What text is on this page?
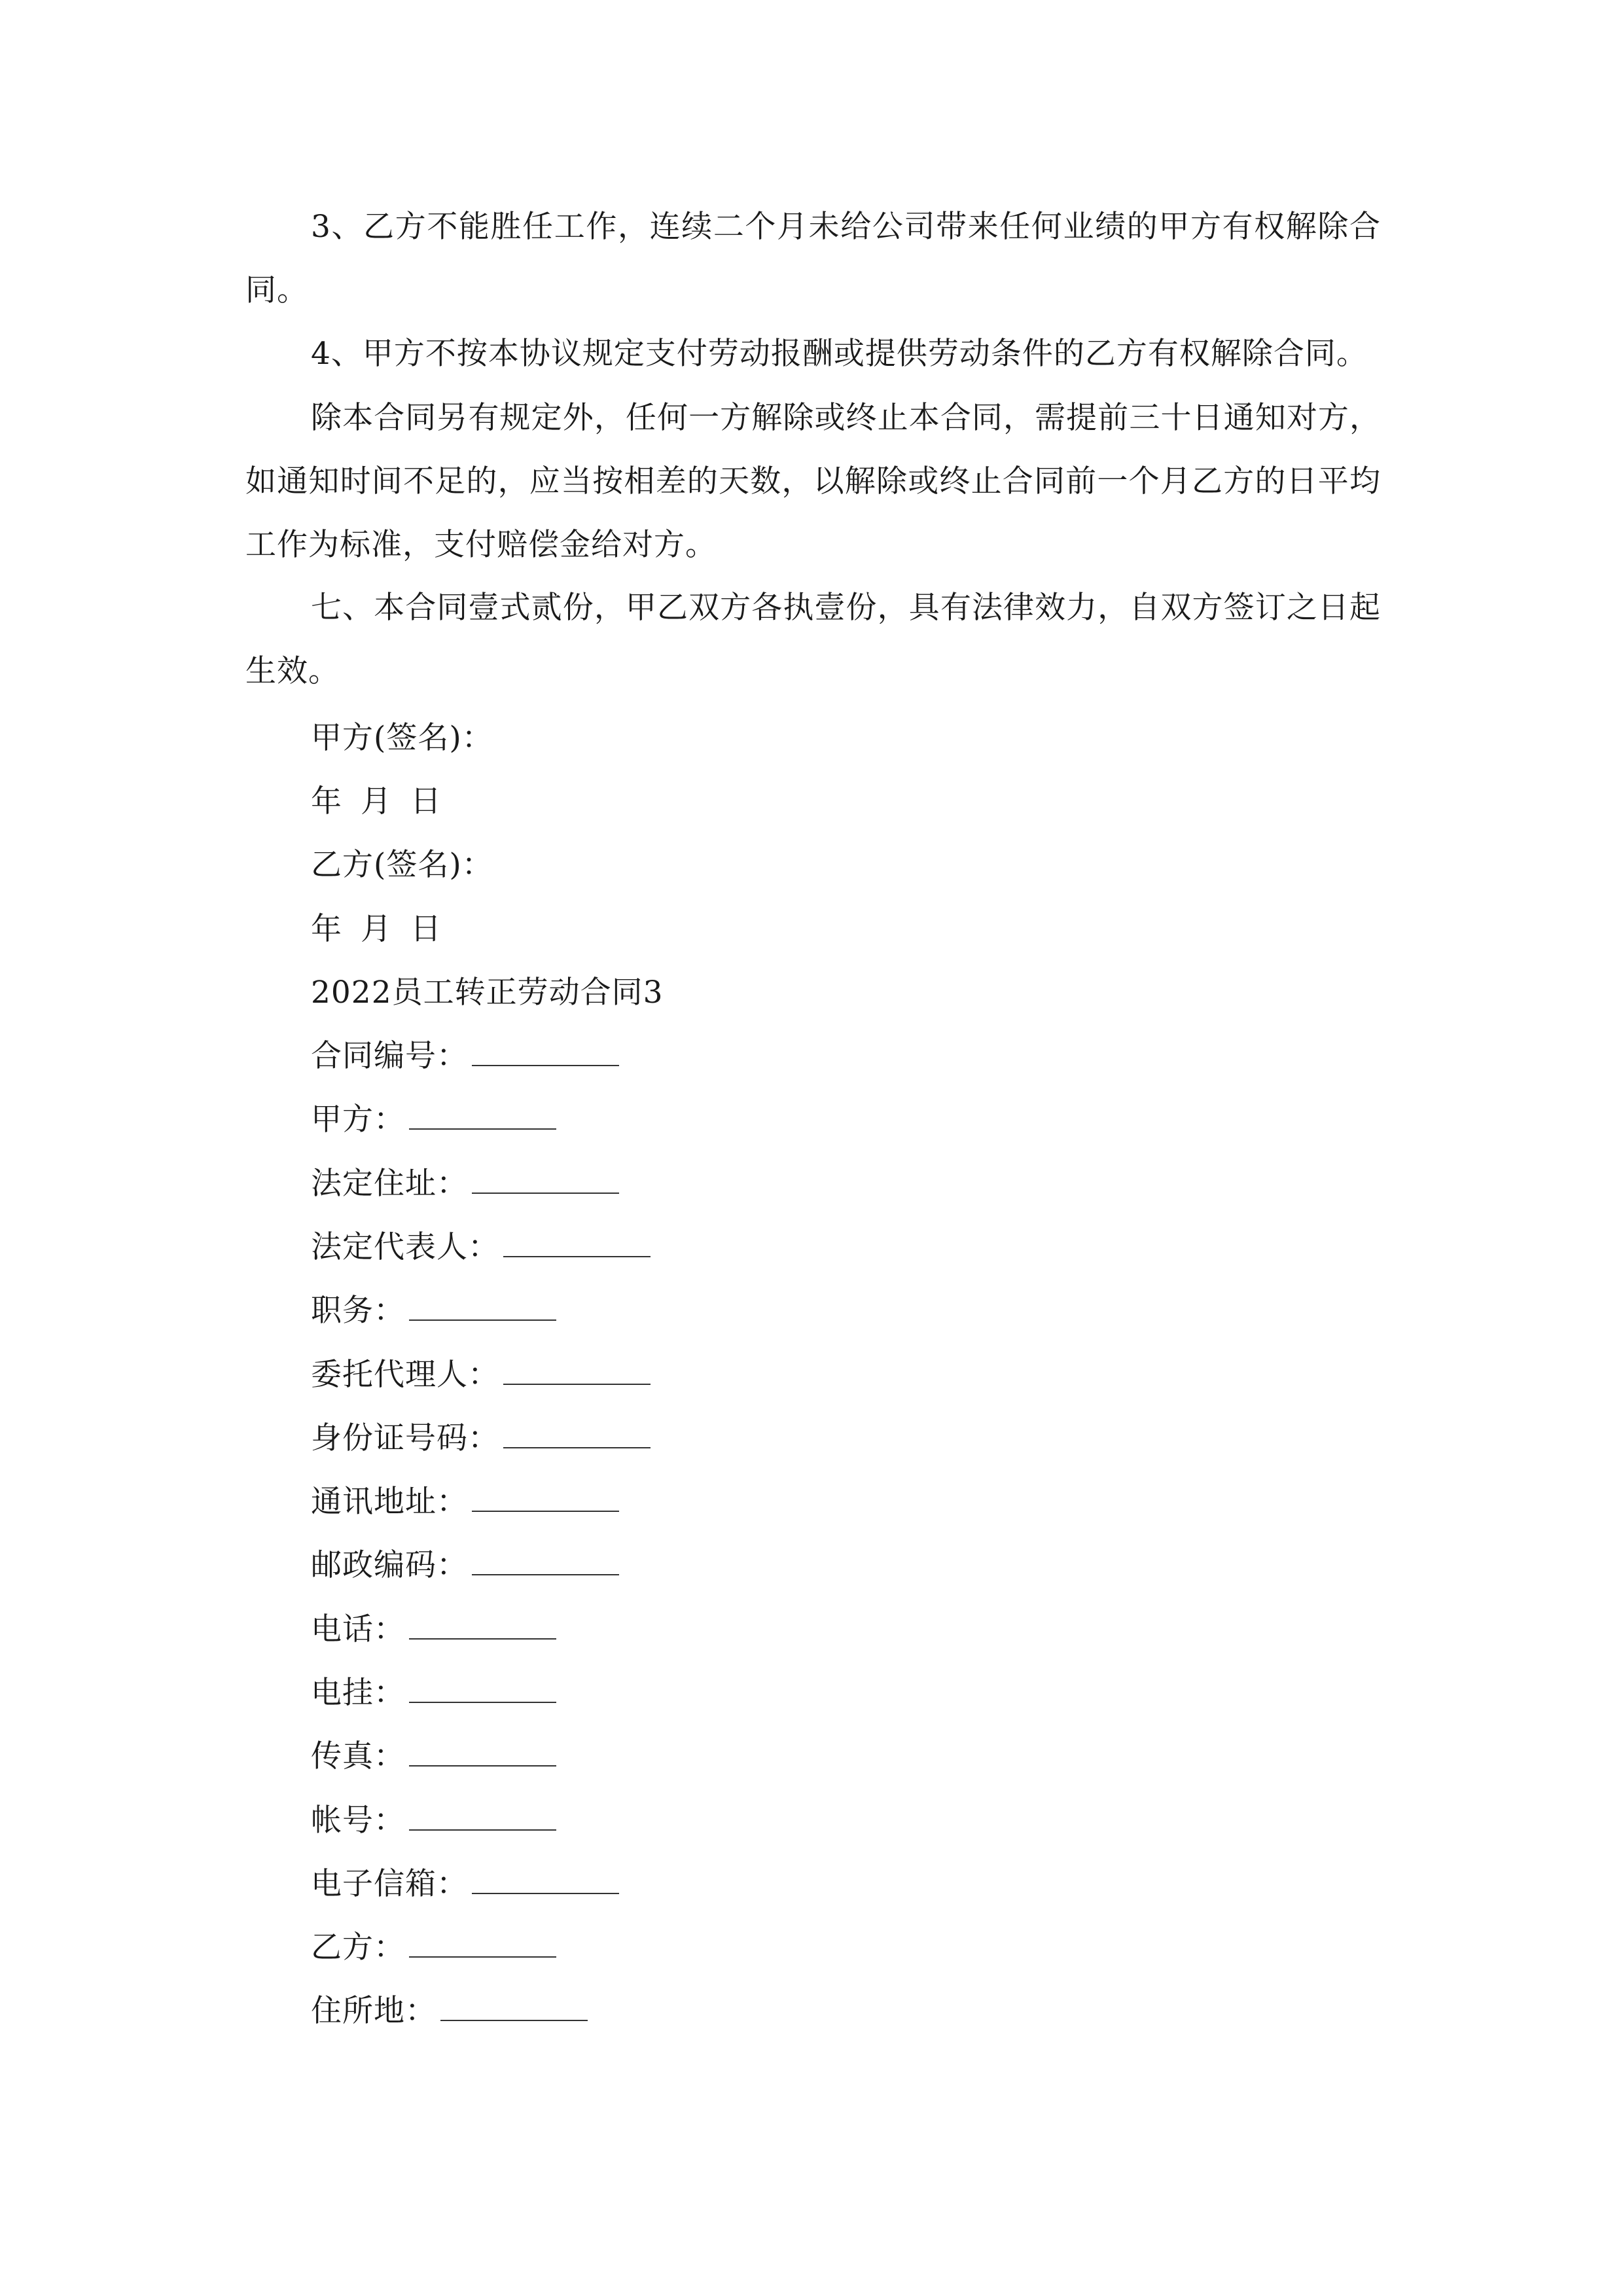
3、乙方不能胜任工作，连续二个月未给公司带来任何业绩的甲方有权解除合同。

4、甲方不按本协议规定支付劳动报酬或提供劳动条件的乙方有权解除合同。

除本合同另有规定外，任何一方解除或终止本合同，需提前三十日通知对方，如通知时间不足的，应当按相差的天数，以解除或终止合同前一个月乙方的日平均工作为标准，支付赔偿金给对方。

七、本合同壹式贰份，甲乙双方各执壹份，具有法律效力，自双方签订之日起生效。

甲方(签名)：
年 月 日
乙方(签名)：
年 月 日
2022员工转正劳动合同3
合同编号：
甲方：
法定住址：
法定代表人：
职务：
委托代理人：
身份证号码：
通讯地址：
邮政编码：
电话：
电挂：
传真：
帐号：
电子信箱：
乙方：
住所地：
